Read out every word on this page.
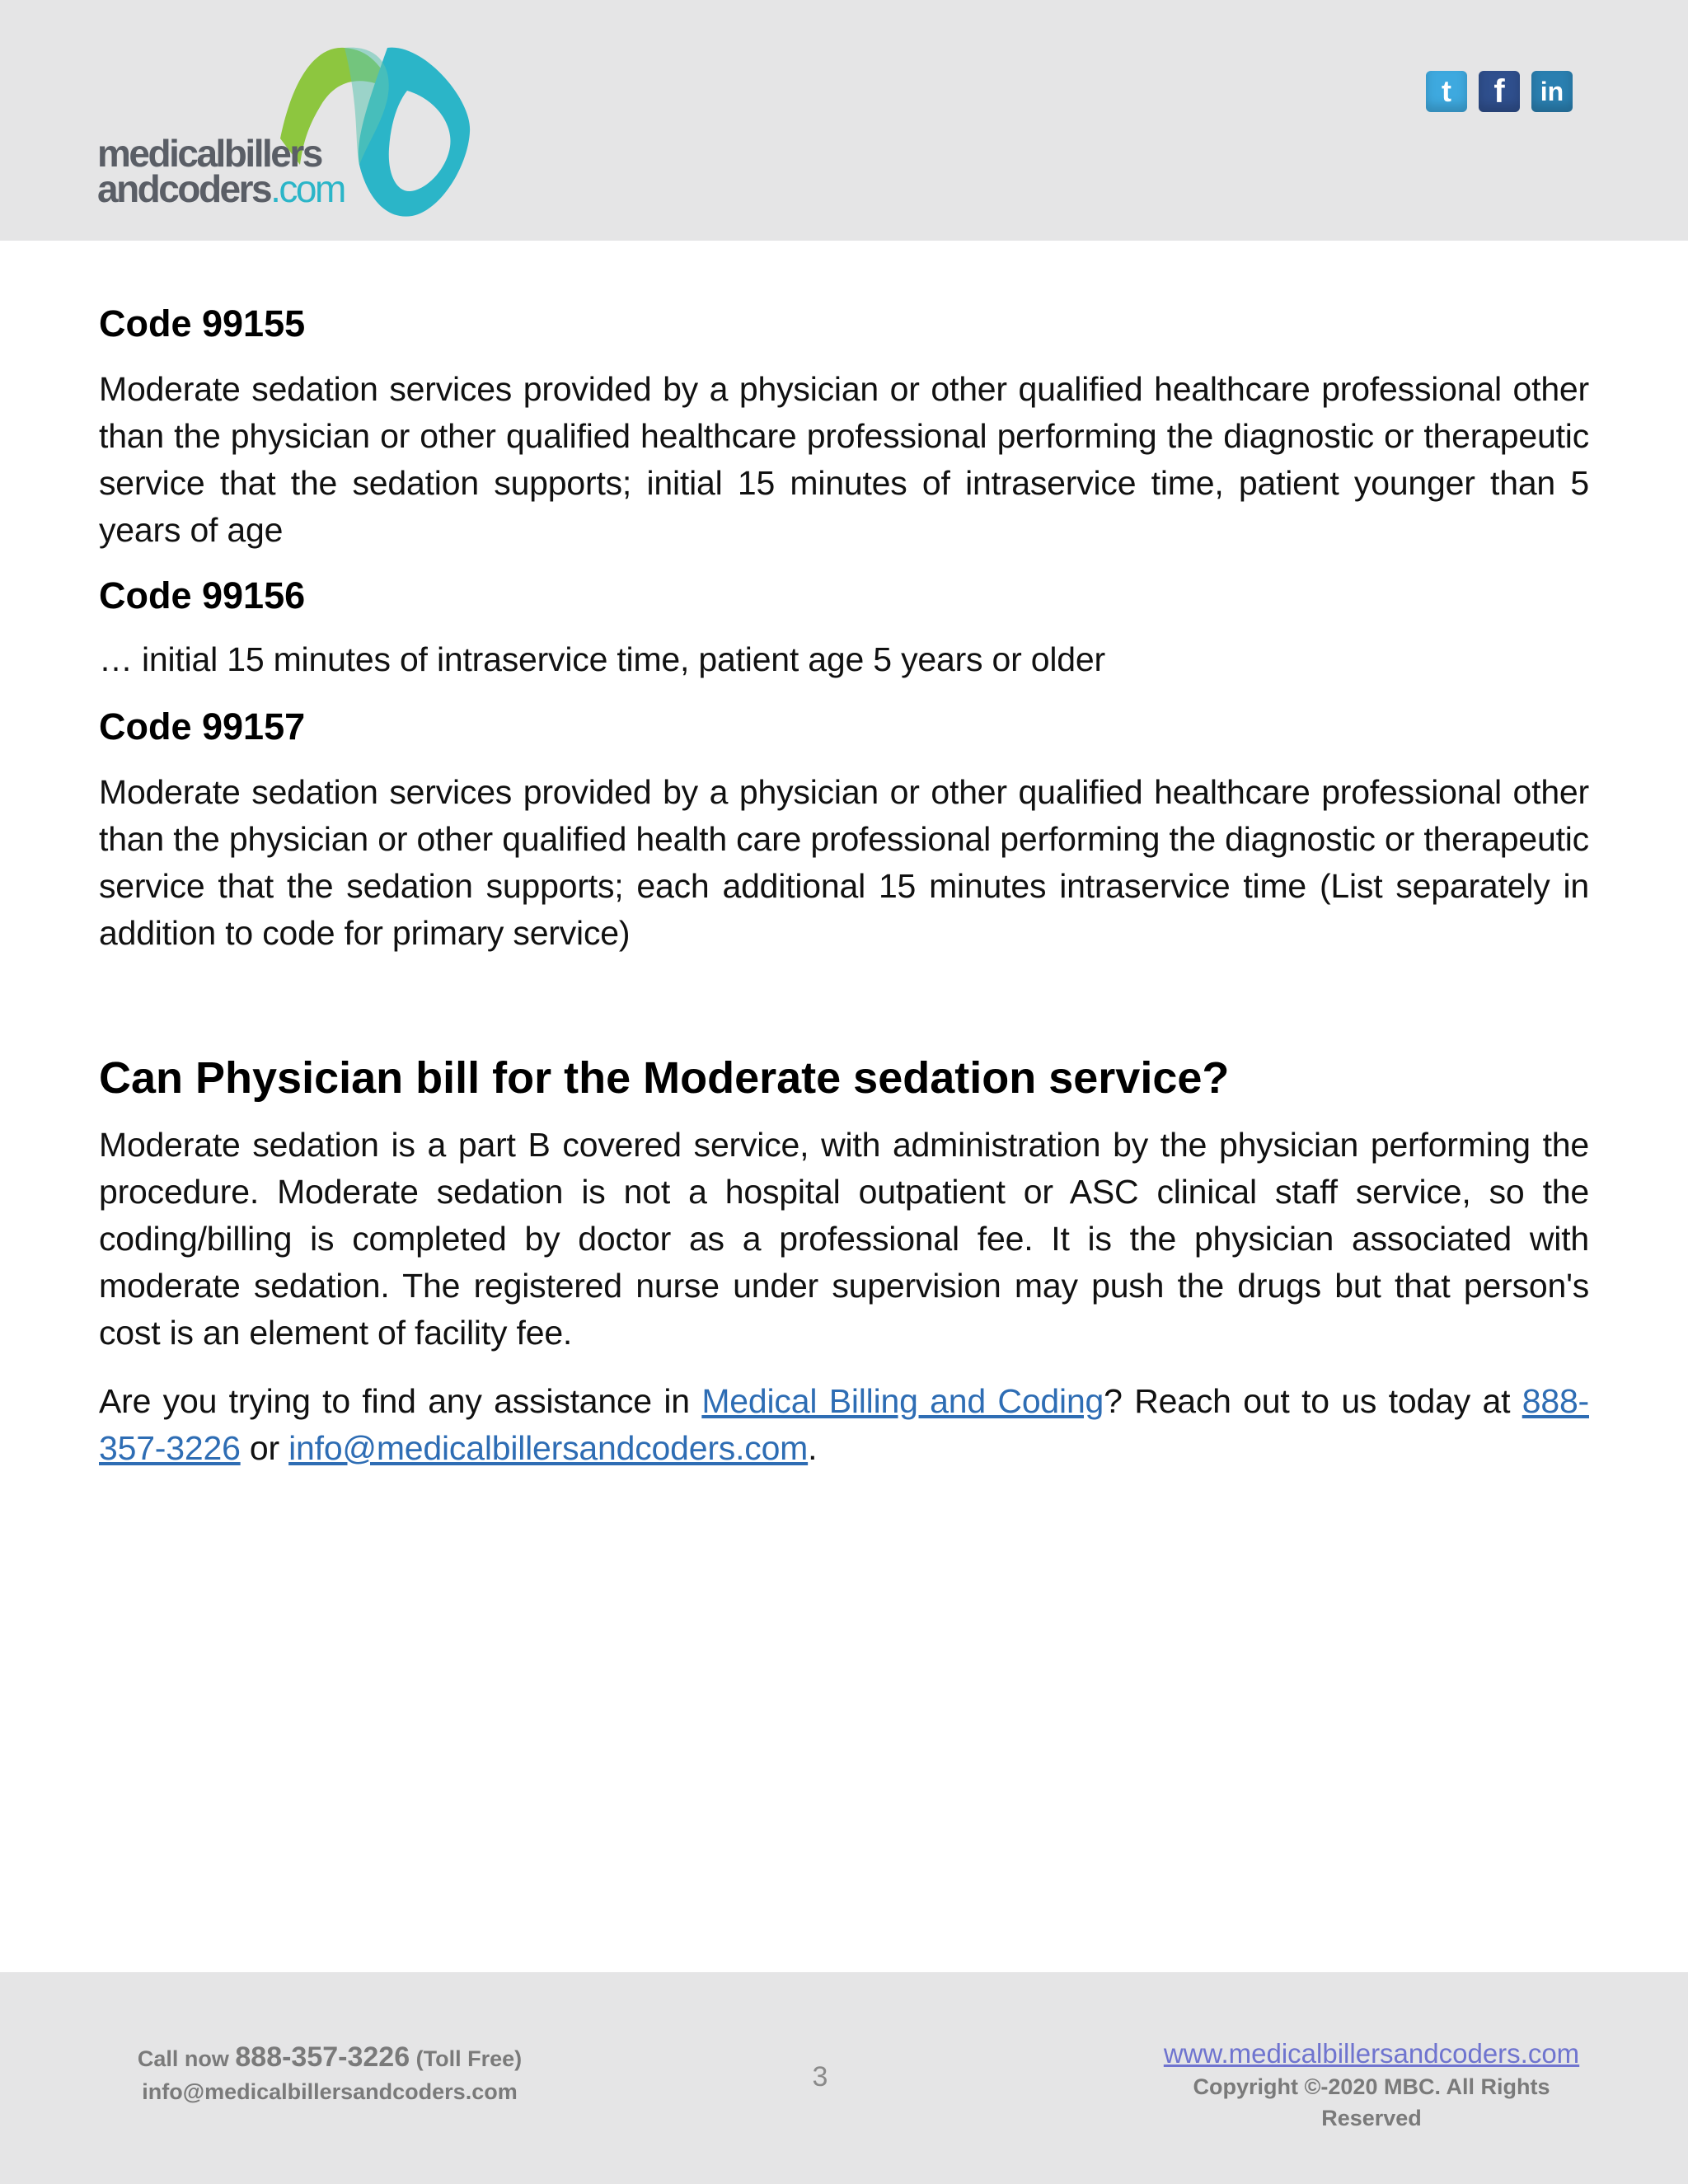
medicalbillers
andcoders.com
t	f	in
Code 99155

Moderate sedation services provided by a physician or other qualified healthcare professional other than the physician or other qualified healthcare professional performing the diagnostic or therapeutic service that the sedation supports; initial 15 minutes of intraservice time, patient younger than 5 years of age

Code 99156

… initial 15 minutes of intraservice time, patient age 5 years or older

Code 99157

Moderate sedation services provided by a physician or other qualified healthcare professional other than the physician or other qualified health care professional performing the diagnostic or therapeutic service that the sedation supports; each additional 15 minutes intraservice time (List separately in addition to code for primary service)

Can Physician bill for the Moderate sedation service?

Moderate sedation is a part B covered service, with administration by the physician performing the procedure. Moderate sedation is not a hospital outpatient or ASC clinical staff service, so the coding/billing is completed by doctor as a professional fee. It is the physician associated with moderate sedation. The registered nurse under supervision may push the drugs but that person's cost is an element of facility fee.

Are you trying to find any assistance in Medical Billing and Coding? Reach out to us today at 888-357-3226 or info@medicalbillersandcoders.com.

Call now 888-357-3226 (Toll Free)
info@medicalbillersandcoders.com	3
www.medicalbillersandcoders.com
Copyright ©-2020 MBC. All Rights Reserved
